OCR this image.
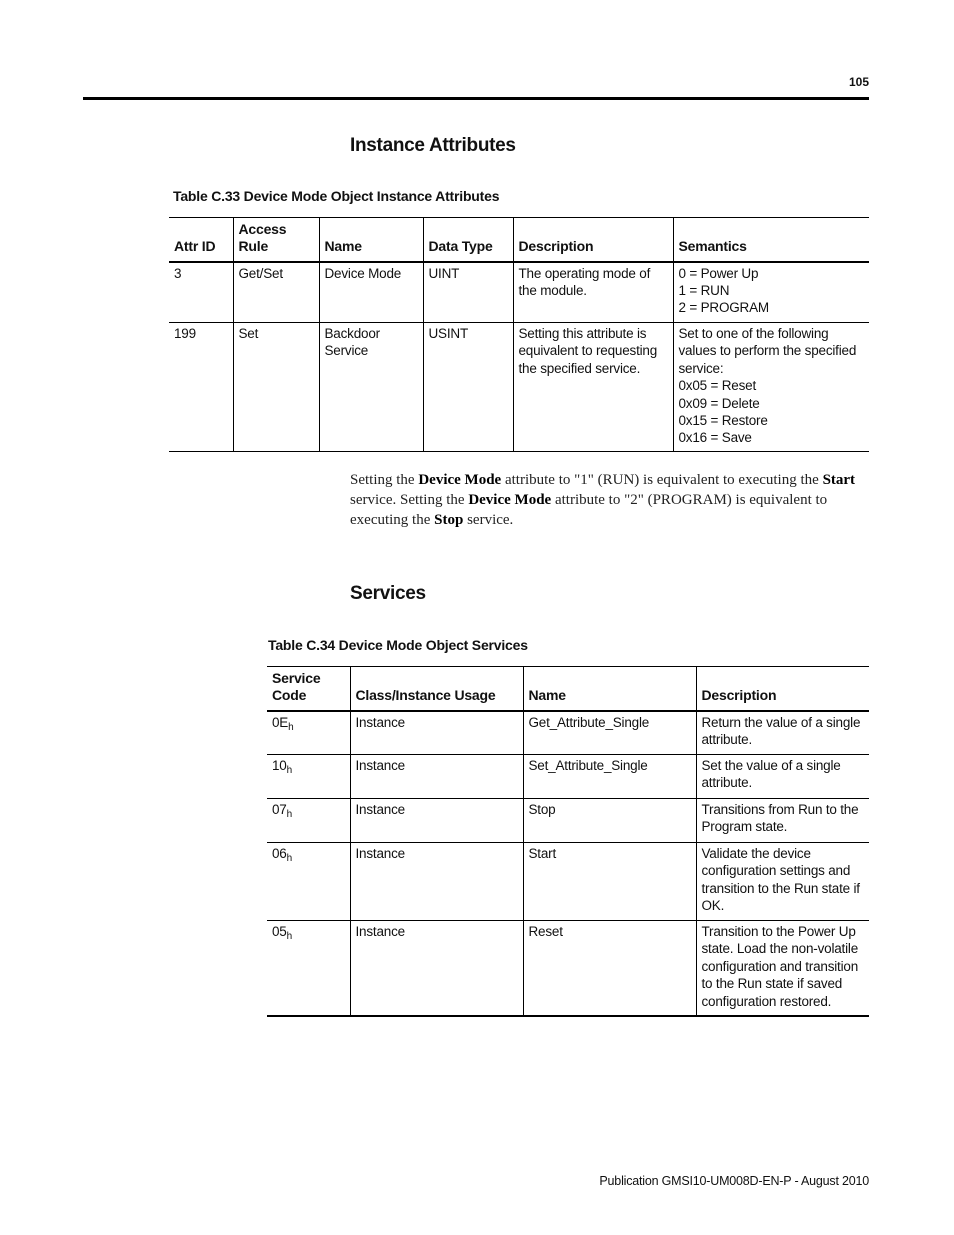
105
Instance Attributes
Table C.33 Device Mode Object Instance Attributes
Attr ID	Access Rule	Name	Data Type	Description	Semantics
3	Get/Set	Device Mode	UINT	The operating mode of the module.	0 = Power Up
1 = RUN
2 = PROGRAM
199	Set	Backdoor Service	USINT	Setting this attribute is equivalent to requesting the specified service.	Set to one of the following values to perform the specified service:
0x05 = Reset
0x09 = Delete
0x15 = Restore
0x16 = Save
Setting the Device Mode attribute to "1" (RUN) is equivalent to executing the Start service. Setting the Device Mode attribute to "2" (PROGRAM) is equivalent to executing the Stop service.
Services
Table C.34 Device Mode Object Services
Service Code	Class/Instance Usage	Name	Description
$0E_h$	Instance	Get_Attribute_Single	Return the value of a single attribute.
$10_h$	Instance	Set_Attribute_Single	Set the value of a single attribute.
$07_h$	Instance	Stop	Transitions from Run to the Program state.
$06_h$	Instance	Start	Validate the device configuration settings and transition to the Run state if OK.
$05_h$	Instance	Reset	Transition to the Power Up state. Load the non-volatile configuration and transition to the Run state if saved configuration restored.
Publication GMSI10-UM008D-EN-P - August 2010
